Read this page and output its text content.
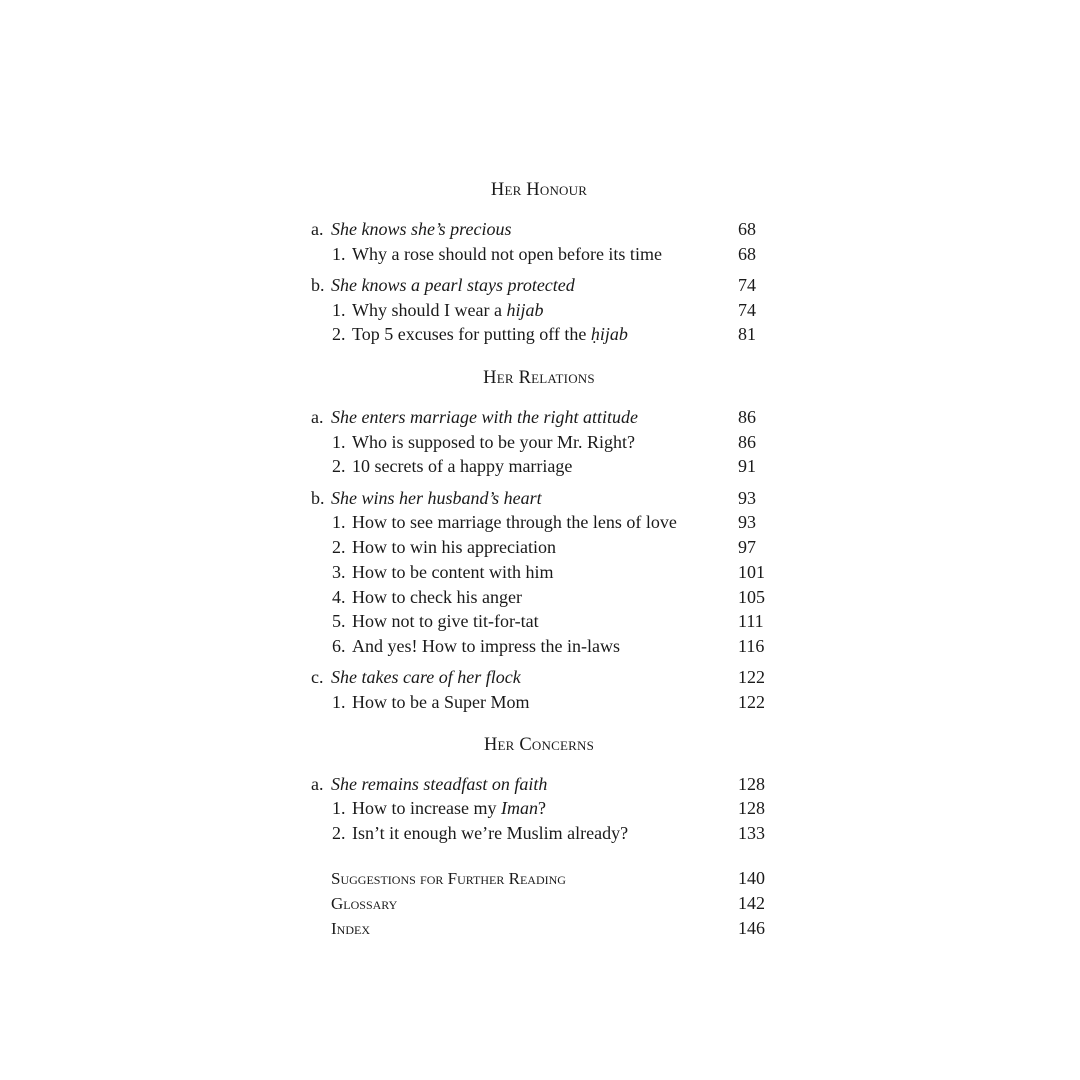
Her Honour
a. She knows she’s precious	68
1. Why a rose should not open before its time	68
b. She knows a pearl stays protected	74
1. Why should I wear a hijab	74
2. Top 5 excuses for putting off the ḥijab	81
Her Relations
a. She enters marriage with the right attitude	86
1. Who is supposed to be your Mr. Right?	86
2. 10 secrets of a happy marriage	91
b. She wins her husband’s heart	93
1. How to see marriage through the lens of love	93
2. How to win his appreciation	97
3. How to be content with him	101
4. How to check his anger	105
5. How not to give tit-for-tat	111
6. And yes! How to impress the in-laws	116
c. She takes care of her flock	122
1. How to be a Super Mom	122
Her Concerns
a. She remains steadfast on faith	128
1. How to increase my Iman?	128
2. Isn’t it enough we’re Muslim already?	133
Suggestions for Further Reading	140
Glossary	142
Index	146
